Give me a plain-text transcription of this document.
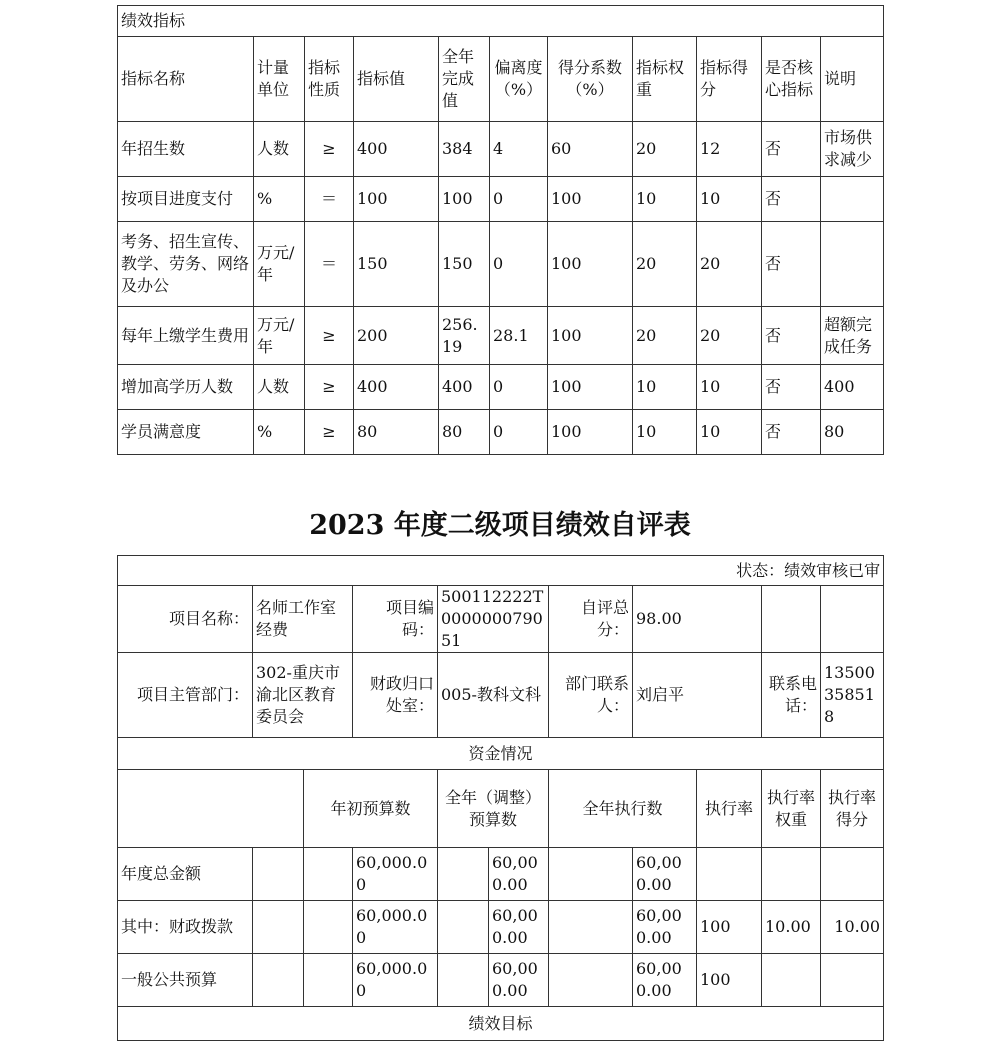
绩效指标										
指标名称	计量单位	指标性质	指标值	全年完成值	偏离度（%）	得分系数（%）	指标权重	指标得分	是否核心指标	说明
年招生数	人数	≥	400	384	4	60	20	12	否	市场供求减少
按项目进度支付	%	＝	100	100	0	100	10	10	否	
考务、招生宣传、教学、劳务、网络及办公	万元/年	＝	150	150	0	100	20	20	否	
每年上缴学生费用	万元/年	≥	200	256.19	28.1	100	20	20	否	超额完成任务
增加高学历人数	人数	≥	400	400	0	100	10	10	否	400
学员满意度	%	≥	80	80	0	100	10	10	否	80
2023 年度二级项目绩效自评表
状态：绩效审核已审										
项目名称：	名师工作室经费		项目编码：	500112222T000000079051		自评总分：	98.00			
项目主管部门：	302-重庆市渝北区教育委员会		财政归口处室：	005-教科文科		部门联系人：	刘启平		联系电话：	13500358518
资金情况										
		年初预算数		全年（调整）预算数		全年执行数		执行率	执行率权重	执行率得分
年度总金额			60,000.00		60,000.00		60,000.00			
其中：财政拨款			60,000.00		60,000.00		60,000.00	100	10.00	10.00
一般公共预算			60,000.00		60,000.00		60,000.00	100		
绩效目标										
